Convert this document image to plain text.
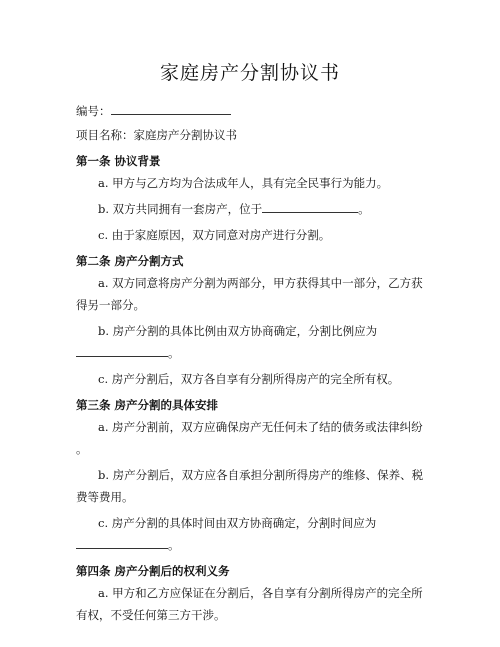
家庭房产分割协议书
编号：
项目名称：家庭房产分割协议书
第一条 协议背景

a. 甲方与乙方均为合法成年人，具有完全民事行为能力。

b. 双方共同拥有一套房产，位于	。

c. 由于家庭原因，双方同意对房产进行分割。

第二条 房产分割方式

a. 双方同意将房产分割为两部分，甲方获得其中一部分，乙方获得另一部分。

b. 房产分割的具体比例由双方协商确定，分割比例应为

。

c. 房产分割后，双方各自享有分割所得房产的完全所有权。

第三条 房产分割的具体安排

a. 房产分割前，双方应确保房产无任何未了结的债务或法律纠纷

。

b. 房产分割后，双方应各自承担分割所得房产的维修、保养、税费等费用。

c. 房产分割的具体时间由双方协商确定，分割时间应为

。
第四条 房产分割后的权利义务

a. 甲方和乙方应保证在分割后，各自享有分割所得房产的完全所有权，不受任何第三方干涉。
